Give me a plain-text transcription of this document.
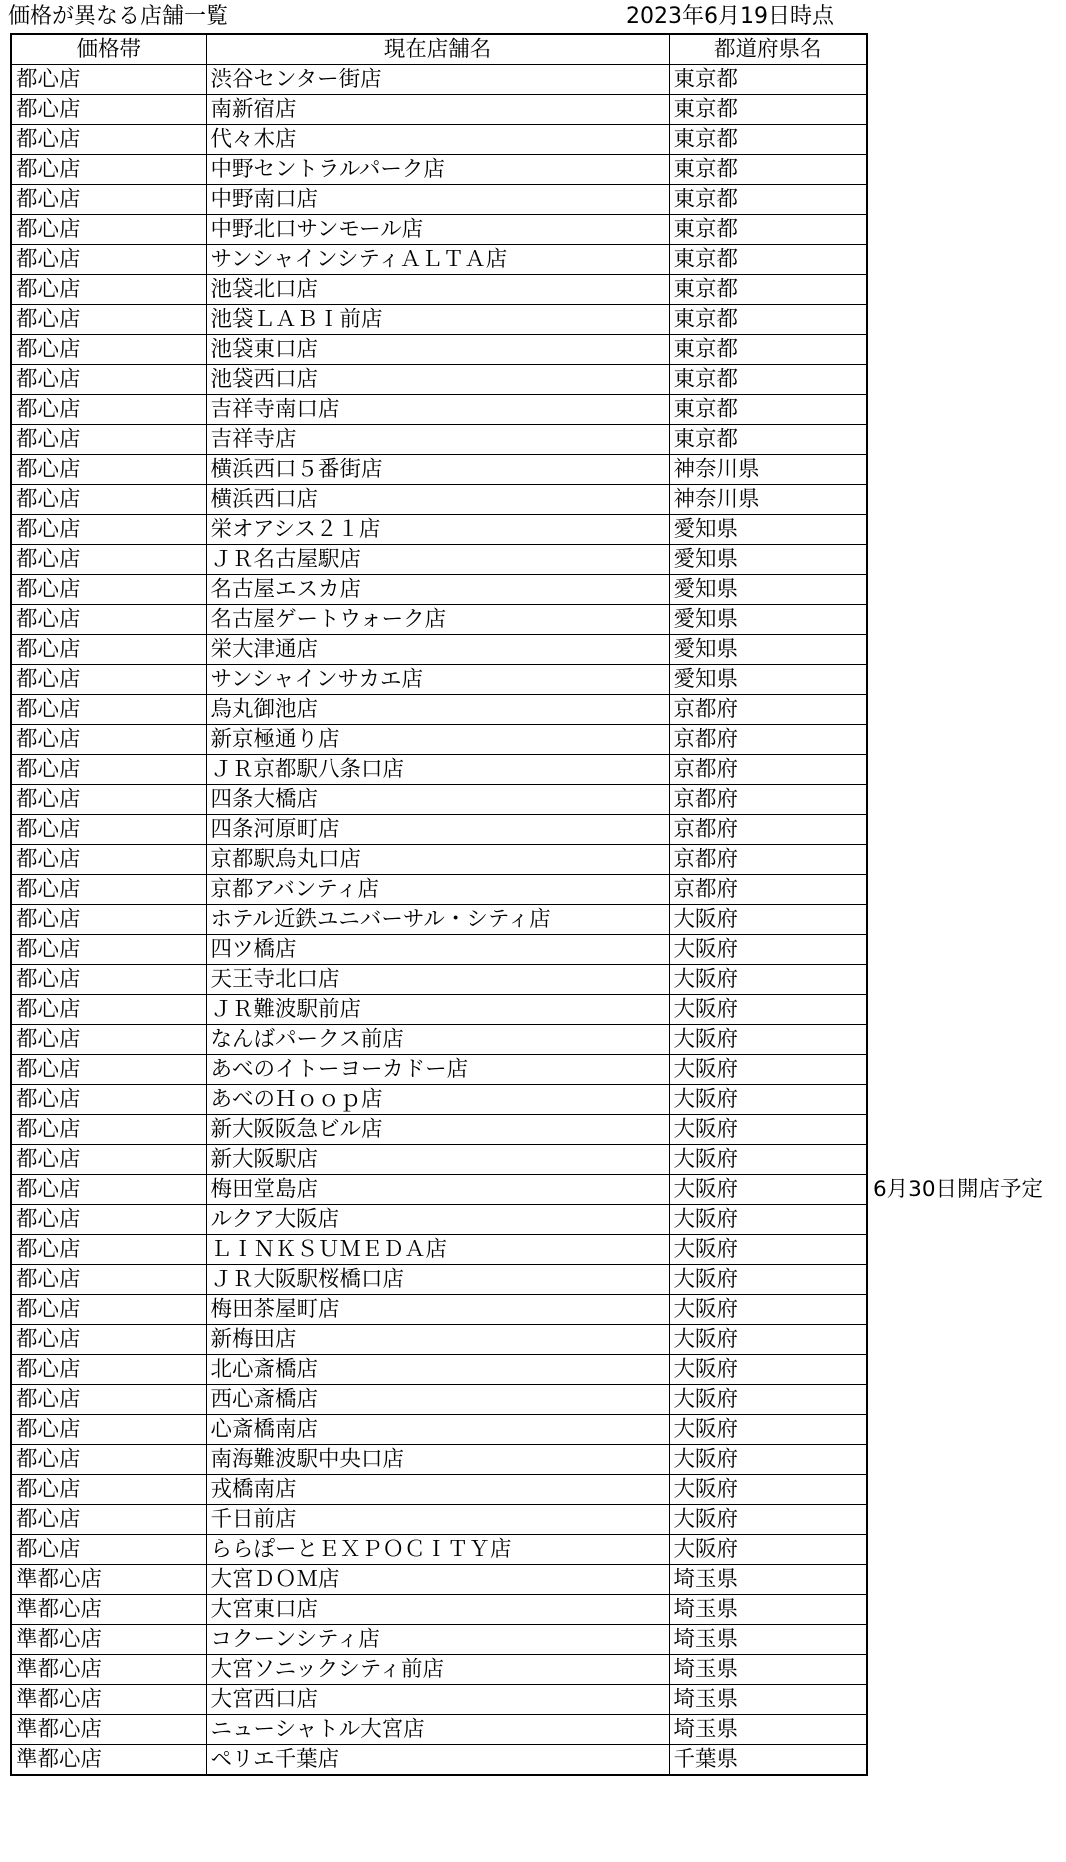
価格が異なる店舗一覧	2023年6月19日時点
価格帯	現在店舗名	都道府県名
都心店	渋谷センター街店	東京都
都心店	南新宿店	東京都
都心店	代々木店	東京都
都心店	中野セントラルパーク店	東京都
都心店	中野南口店	東京都
都心店	中野北口サンモール店	東京都
都心店	サンシャインシティＡＬＴＡ店	東京都
都心店	池袋北口店	東京都
都心店	池袋ＬＡＢＩ前店	東京都
都心店	池袋東口店	東京都
都心店	池袋西口店	東京都
都心店	吉祥寺南口店	東京都
都心店	吉祥寺店	東京都
都心店	横浜西口５番街店	神奈川県
都心店	横浜西口店	神奈川県
都心店	栄オアシス２１店	愛知県
都心店	ＪＲ名古屋駅店	愛知県
都心店	名古屋エスカ店	愛知県
都心店	名古屋ゲートウォーク店	愛知県
都心店	栄大津通店	愛知県
都心店	サンシャインサカエ店	愛知県
都心店	烏丸御池店	京都府
都心店	新京極通り店	京都府
都心店	ＪＲ京都駅八条口店	京都府
都心店	四条大橋店	京都府
都心店	四条河原町店	京都府
都心店	京都駅烏丸口店	京都府
都心店	京都アバンティ店	京都府
都心店	ホテル近鉄ユニバーサル・シティ店	大阪府
都心店	四ツ橋店	大阪府
都心店	天王寺北口店	大阪府
都心店	ＪＲ難波駅前店	大阪府
都心店	なんばパークス前店	大阪府
都心店	あべのイトーヨーカドー店	大阪府
都心店	あべのＨｏｏｐ店	大阪府
都心店	新大阪阪急ビル店	大阪府
都心店	新大阪駅店	大阪府
都心店	梅田堂島店	大阪府
都心店	ルクア大阪店	大阪府
都心店	ＬＩＮＫＳＵＭＥＤＡ店	大阪府
都心店	ＪＲ大阪駅桜橋口店	大阪府
都心店	梅田茶屋町店	大阪府
都心店	新梅田店	大阪府
都心店	北心斎橋店	大阪府
都心店	西心斎橋店	大阪府
都心店	心斎橋南店	大阪府
都心店	南海難波駅中央口店	大阪府
都心店	戎橋南店	大阪府
都心店	千日前店	大阪府
都心店	ららぽーとＥＸＰＯＣＩＴＹ店	大阪府
準都心店	大宮ＤＯＭ店	埼玉県
準都心店	大宮東口店	埼玉県
準都心店	コクーンシティ店	埼玉県
準都心店	大宮ソニックシティ前店	埼玉県
準都心店	大宮西口店	埼玉県
準都心店	ニューシャトル大宮店	埼玉県
準都心店	ペリエ千葉店	千葉県
6月30日開店予定
